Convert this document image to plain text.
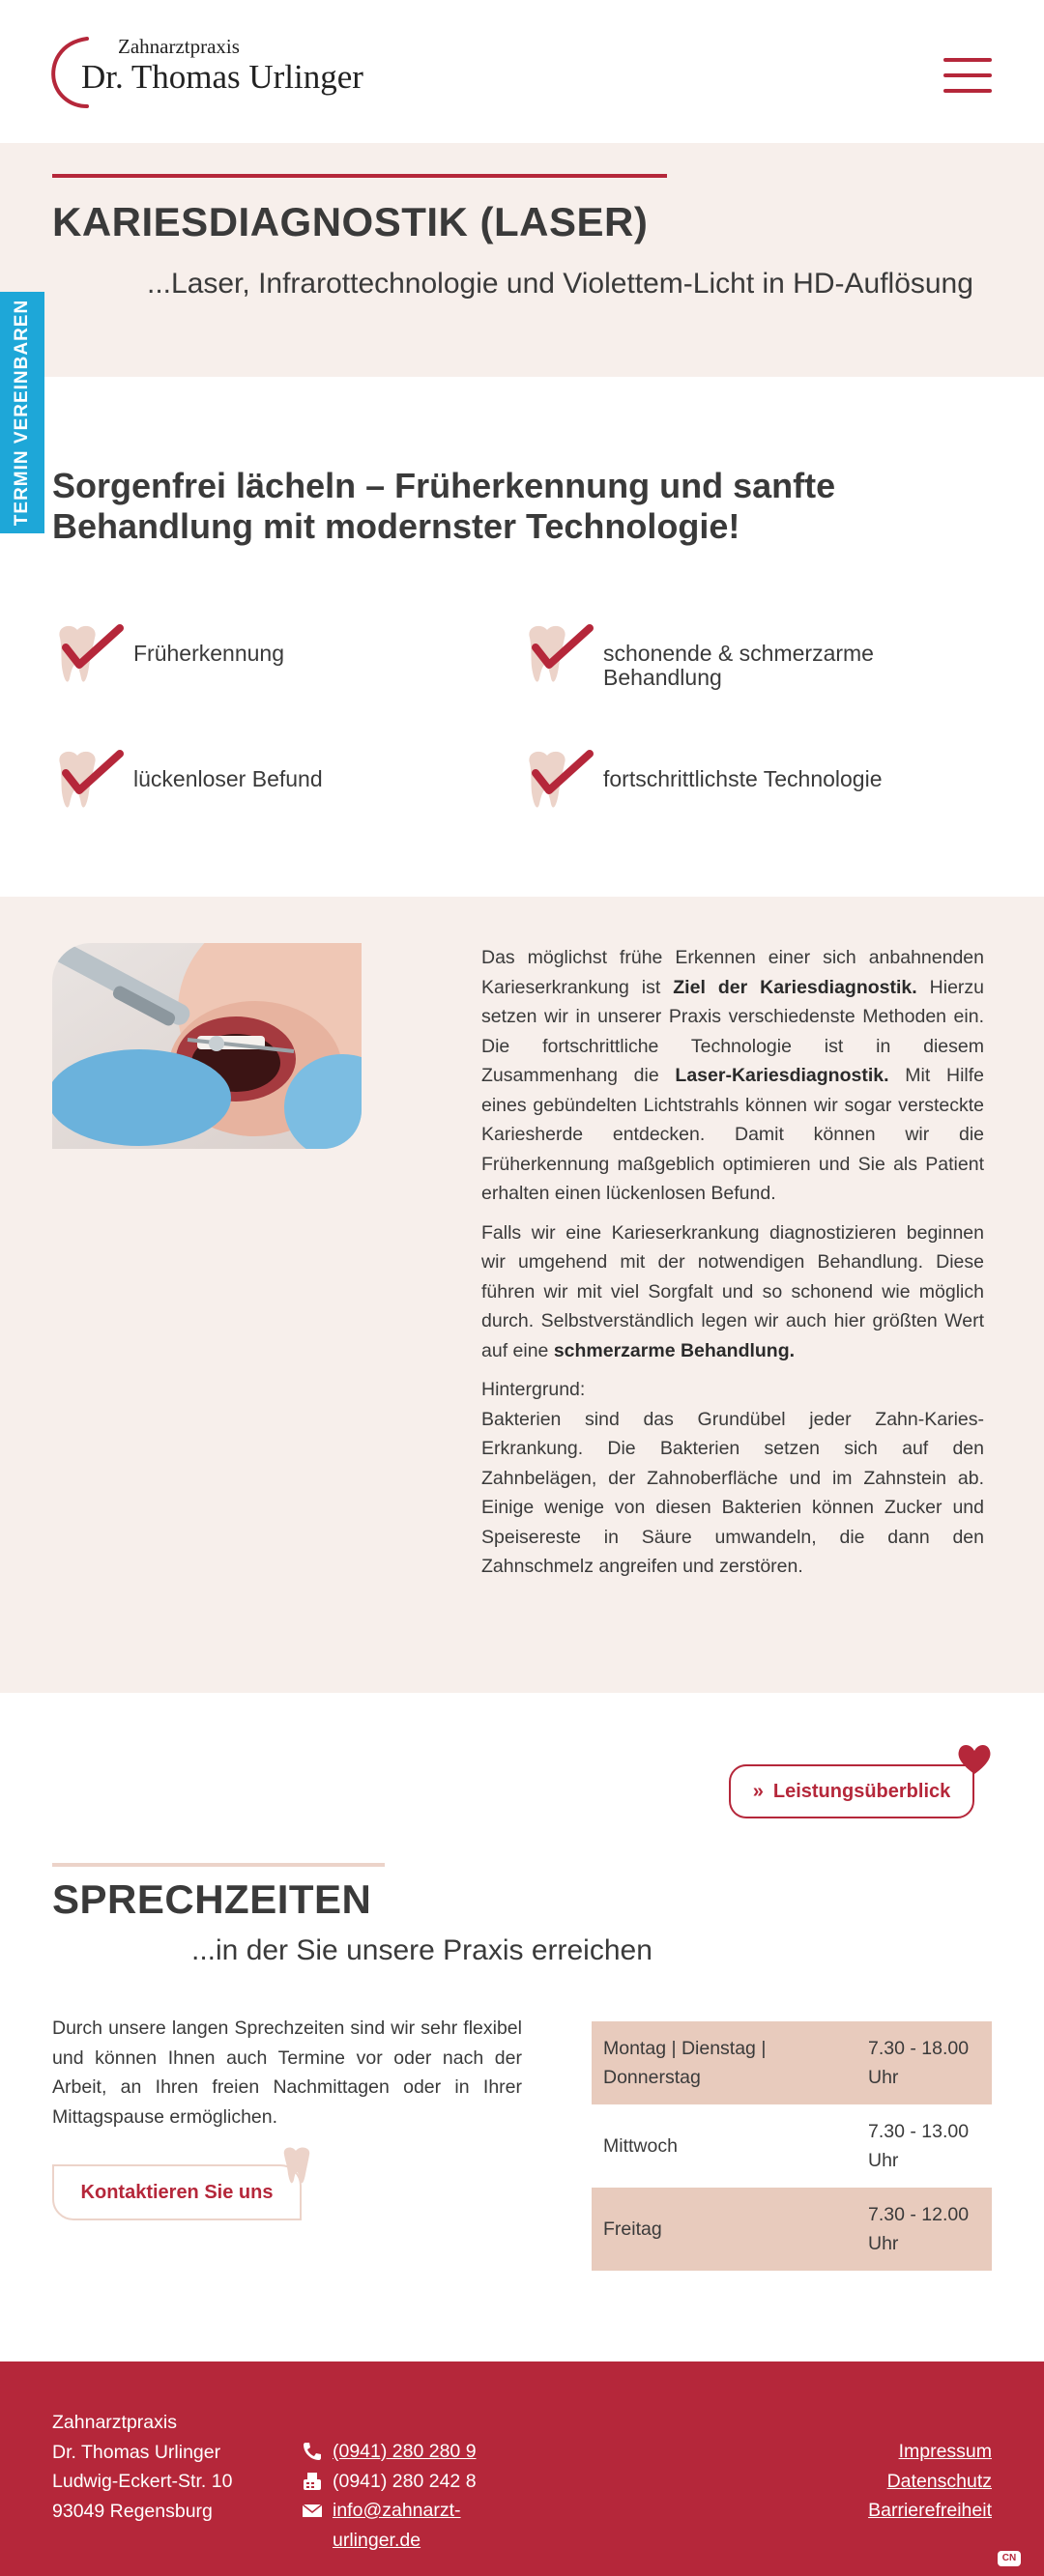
Zahnarztpraxis
Dr. Thomas Urlinger
KARIESDIAGNOSTIK (LASER)
...Laser, Infrarottechnologie und Violettem-Licht in HD-Auflösung
TERMIN VEREINBAREN Sorgenfrei lächeln – Früherkennung und sanfte Behandlung mit modernster Technologie!
Früherkennung	schonende & schmerzarme Behandlung
lückenloser Befund	fortschrittlichste Technologie

Das möglichst frühe Erkennen einer sich anbahnenden Karieserkrankung ist Ziel der Kariesdiagnostik. Hierzu setzen wir in unserer Praxis verschiedenste Methoden ein. Die fortschrittliche Technologie ist in diesem Zusammenhang die Laser-Kariesdiagnostik. Mit Hilfe eines gebündelten Lichtstrahls können wir sogar versteckte Kariesherde entdecken. Damit können wir die Früherkennung maßgeblich optimieren und Sie als Patient erhalten einen lückenlosen Befund.

Falls wir eine Karieserkrankung diagnostizieren beginnen wir umgehend mit der notwendigen Behandlung. Diese führen wir mit viel Sorgfalt und so schonend wie möglich durch. Selbstverständlich legen wir auch hier größten Wert auf eine schmerzarme Behandlung.

Hintergrund:
Bakterien sind das Grundübel jeder Zahn-Karies-Erkrankung. Die Bakterien setzen sich auf den Zahnbelägen, der Zahnoberfläche und im Zahnstein ab. Einige wenige von diesen Bakterien können Zucker und Speisereste in Säure umwandeln, die dann den Zahnschmelz angreifen und zerstören.

» Leistungsüberblick
SPRECHZEITEN
...in der Sie unsere Praxis erreichen

Durch unsere langen Sprechzeiten sind wir sehr flexibel und können Ihnen auch Termine vor oder nach der Arbeit, an Ihren freien Nachmittagen oder in Ihrer Mittagspause ermöglichen.

Kontaktieren Sie uns
Montag | Dienstag | Donnerstag
7.30 - 18.00 Uhr
Mittwoch
7.30 - 13.00 Uhr
Freitag
7.30 - 12.00 Uhr
Zahnarztpraxis
Dr. Thomas Urlinger
Ludwig-Eckert-Str. 10
93049 Regensburg
(0941) 280 280 9
(0941) 280 242 8
info@zahnarzt-
urlinger.de
Impressum
Datenschutz
Barrierefreiheit
CN
